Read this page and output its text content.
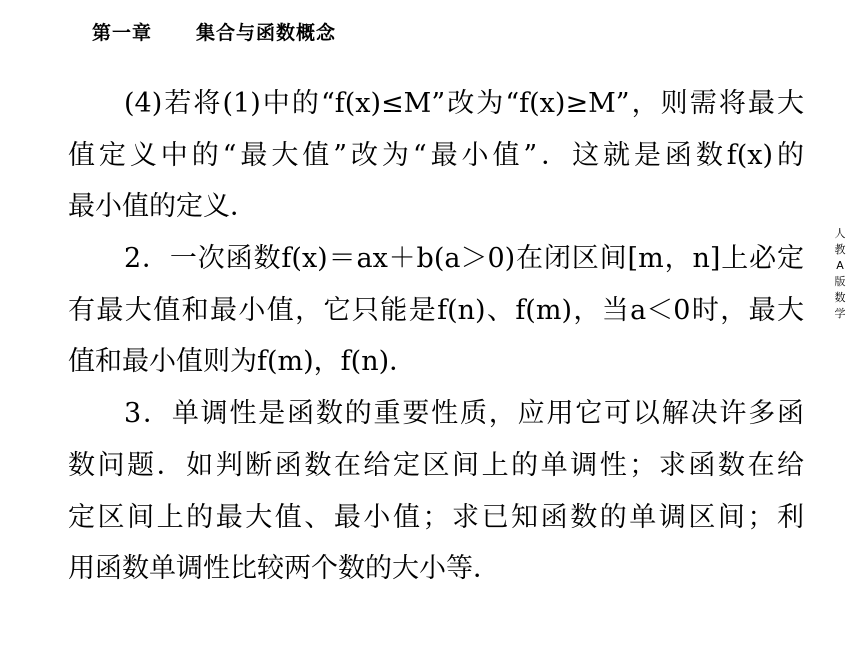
第一章 集合与函数概念
(4)若将(1)中的“f(x)≤M”改为“f(x)≥M”，则需将最大
值定义中的“最大值”改为“最小值”．这就是函数f(x)的
最小值的定义．
2．一次函数f(x)＝ax＋b(a＞0)在闭区间[m，n]上必定
有最大值和最小值，它只能是f(n)、f(m)，当a＜0时，最大
值和最小值则为f(m)，f(n)．
3．单调性是函数的重要性质，应用它可以解决许多函
数问题．如判断函数在给定区间上的单调性；求函数在给
定区间上的最大值、最小值；求已知函数的单调区间；利
用函数单调性比较两个数的大小等．
人
教
A
版
数
学
